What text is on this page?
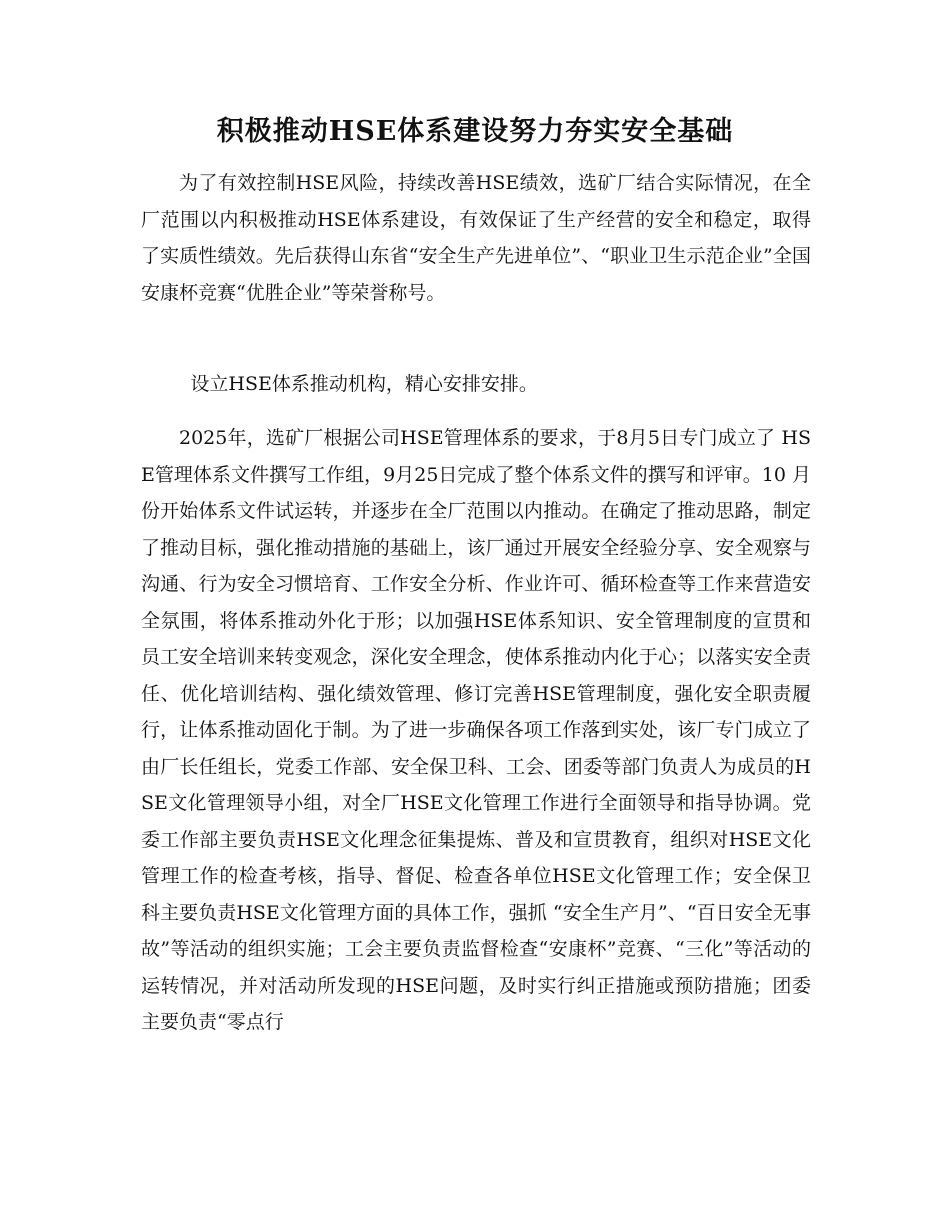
积极推动HSE体系建设努力夯实安全基础

为了有效控制HSE风险，持续改善HSE绩效，选矿厂结合实际情况，在全厂范围以内积极推动HSE体系建设，有效保证了生产经营的安全和稳定，取得了实质性绩效。先后获得山东省“安全生产先进单位”、“职业卫生示范企业”全国安康杯竞赛“优胜企业”等荣誉称号。

设立HSE体系推动机构，精心安排安排。

2025年，选矿厂根据公司HSE管理体系的要求，于8月5日专门成立了 HSE管理体系文件撰写工作组，9月25日完成了整个体系文件的撰写和评审。10 月份开始体系文件试运转，并逐步在全厂范围以内推动。在确定了推动思路，制定了推动目标，强化推动措施的基础上，该厂通过开展安全经验分享、安全观察与沟通、行为安全习惯培育、工作安全分析、作业许可、循环检查等工作来营造安全氛围，将体系推动外化于形；以加强HSE体系知识、安全管理制度的宣贯和员工安全培训来转变观念，深化安全理念，使体系推动内化于心；以落实安全责任、优化培训结构、强化绩效管理、修订完善HSE管理制度，强化安全职责履行，让体系推动固化于制。为了进一步确保各项工作落到实处，该厂专门成立了由厂长任组长，党委工作部、安全保卫科、工会、团委等部门负责人为成员的HSE文化管理领导小组，对全厂HSE文化管理工作进行全面领导和指导协调。党委工作部主要负责HSE文化理念征集提炼、普及和宣贯教育，组织对HSE文化管理工作的检查考核，指导、督促、检查各单位HSE文化管理工作；安全保卫科主要负责HSE文化管理方面的具体工作，强抓 “安全生产月”、“百日安全无事故”等活动的组织实施；工会主要负责监督检查“安康杯”竞赛、“三化”等活动的运转情况，并对活动所发现的HSE问题，及时实行纠正措施或预防措施；团委主要负责“零点行
